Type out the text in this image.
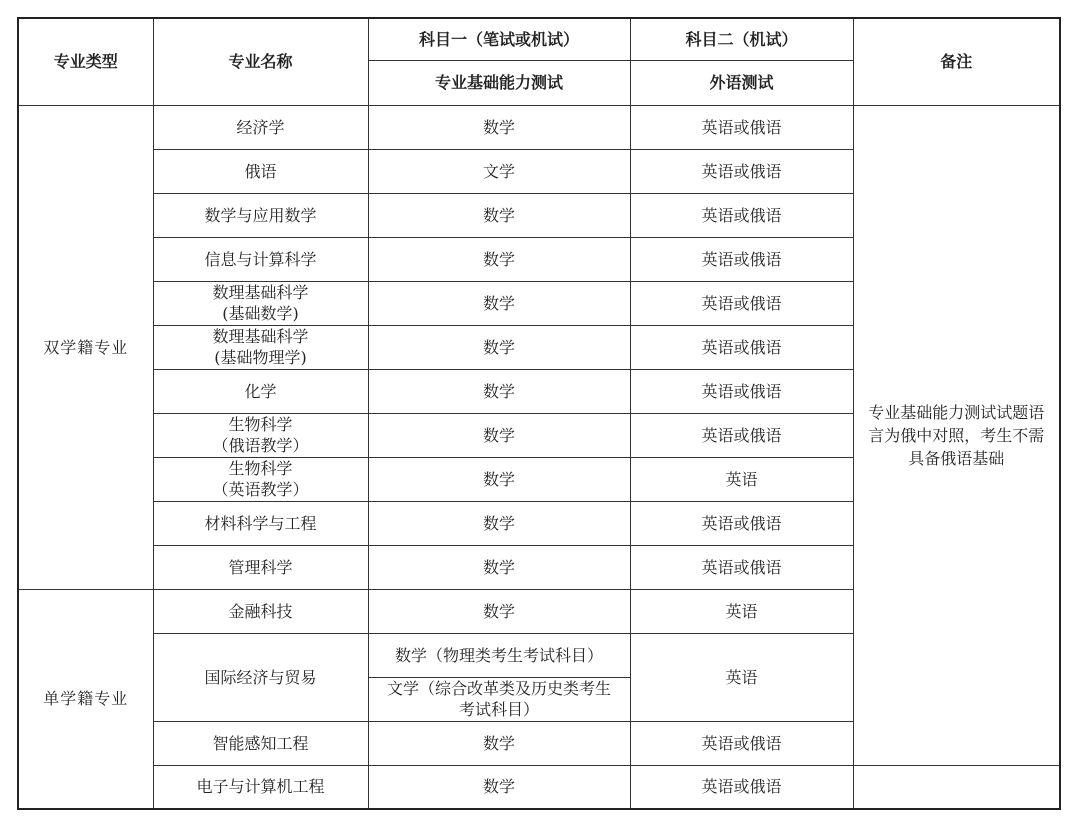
专业类型	专业名称	科目一（笔试或机试）	科目二（机试）	备注
		专业基础能力测试	外语测试	
双学籍专业	经济学	数学	英语或俄语	专业基础能力测试试题语
言为俄中对照，考生不需
具备俄语基础

	俄语	文学	英语或俄语	
	数学与应用数学	数学	英语或俄语	
	信息与计算科学	数学	英语或俄语	

	数理基础科学
(基础数学)	数学	英语或俄语	

	数理基础科学
(基础物理学)	数学	英语或俄语	
	化学	数学	英语或俄语	

	生物科学
（俄语教学）	数学	英语或俄语	

	生物科学
（英语教学）	数学	英语	
	材料科学与工程	数学	英语或俄语	
	管理科学	数学	英语或俄语	
单学籍专业	金融科技	数学	英语	
	国际经济与贸易	数学（物理类考生考试科目）	英语	

		文学（综合改革类及历史类考生
考试科目）		

	智能感知工程	数学	英语或俄语	
	电子与计算机工程	数学	英语或俄语	
